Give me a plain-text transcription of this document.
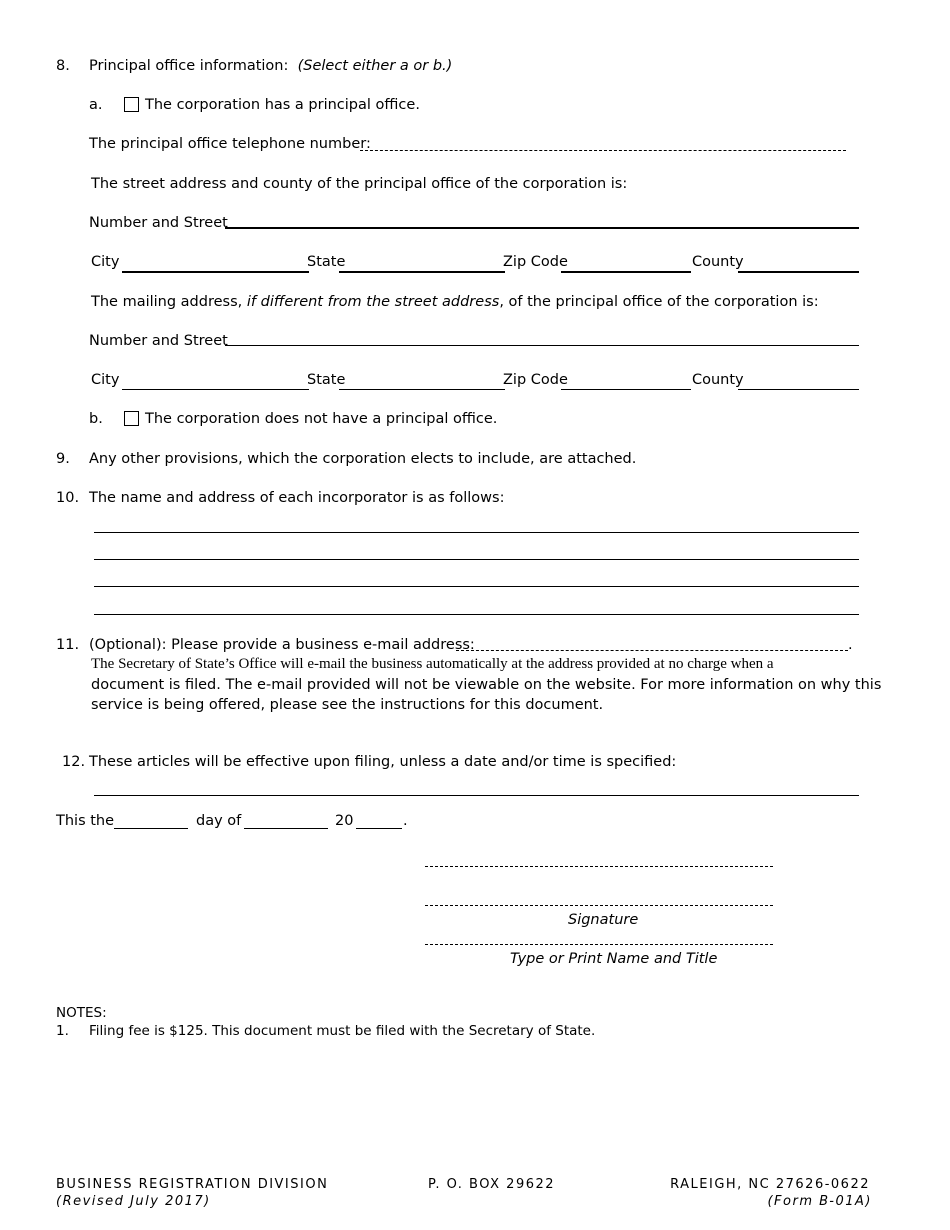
8. Principal office information: (Select either a or b.)
a.	The corporation has a principal office.
The principal office telephone number:
The street address and county of the principal office of the corporation is:
Number and Street
City	State	Zip Code	County
The mailing address, if different from the street address, of the principal office of the corporation is:
Number and Street
City	State	Zip Code	County
b.	The corporation does not have a principal office.
9. Any other provisions, which the corporation elects to include, are attached.
10. The name and address of each incorporator is as follows:
11. (Optional): Please provide a business e-mail address:	.
The Secretary of State’s Office will e-mail the business automatically at the address provided at no charge when a
document is filed. The e-mail provided will not be viewable on the website. For more information on why this service is being offered, please see the instructions for this document.
12. These articles will be effective upon filing, unless a date and/or time is specified:
This the	day of	20	.
Signature
Type or Print Name and Title
NOTES:
1. Filing fee is $125. This document must be filed with the Secretary of State.
BUSINESS REGISTRATION DIVISION
(Revised July 2017)
P. O. BOX 29622	RALEIGH, NC 27626-0622
(Form B-01A)
